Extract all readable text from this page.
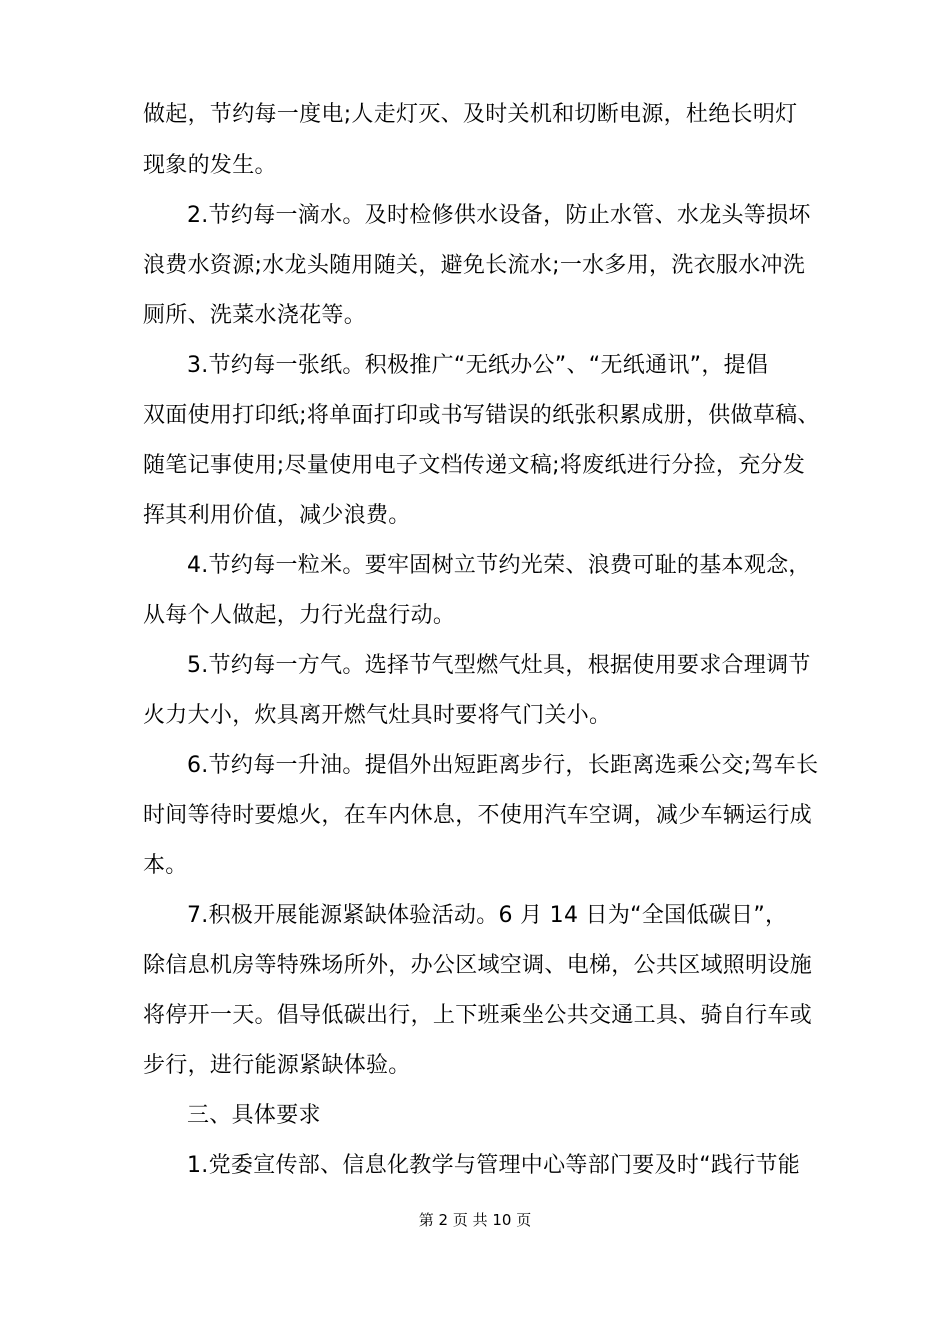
做起，节约每一度电;人走灯灭、及时关机和切断电源，杜绝长明灯
现象的发生。
2.节约每一滴水。及时检修供水设备，防止水管、水龙头等损坏
浪费水资源;水龙头随用随关，避免长流水;一水多用，洗衣服水冲洗
厕所、洗菜水浇花等。
3.节约每一张纸。积极推广“无纸办公”、“无纸通讯”，提倡
双面使用打印纸;将单面打印或书写错误的纸张积累成册，供做草稿、
随笔记事使用;尽量使用电子文档传递文稿;将废纸进行分捡，充分发
挥其利用价值，减少浪费。
4.节约每一粒米。要牢固树立节约光荣、浪费可耻的基本观念，
从每个人做起，力行光盘行动。
5.节约每一方气。选择节气型燃气灶具，根据使用要求合理调节
火力大小，炊具离开燃气灶具时要将气门关小。
6.节约每一升油。提倡外出短距离步行，长距离选乘公交;驾车长
时间等待时要熄火，在车内休息，不使用汽车空调，减少车辆运行成
本。
7.积极开展能源紧缺体验活动。6 月 14 日为“全国低碳日”，
除信息机房等特殊场所外，办公区域空调、电梯，公共区域照明设施
将停开一天。倡导低碳出行，上下班乘坐公共交通工具、骑自行车或
步行，进行能源紧缺体验。
三、具体要求
1.党委宣传部、信息化教学与管理中心等部门要及时“践行节能
第 2 页 共 10 页
